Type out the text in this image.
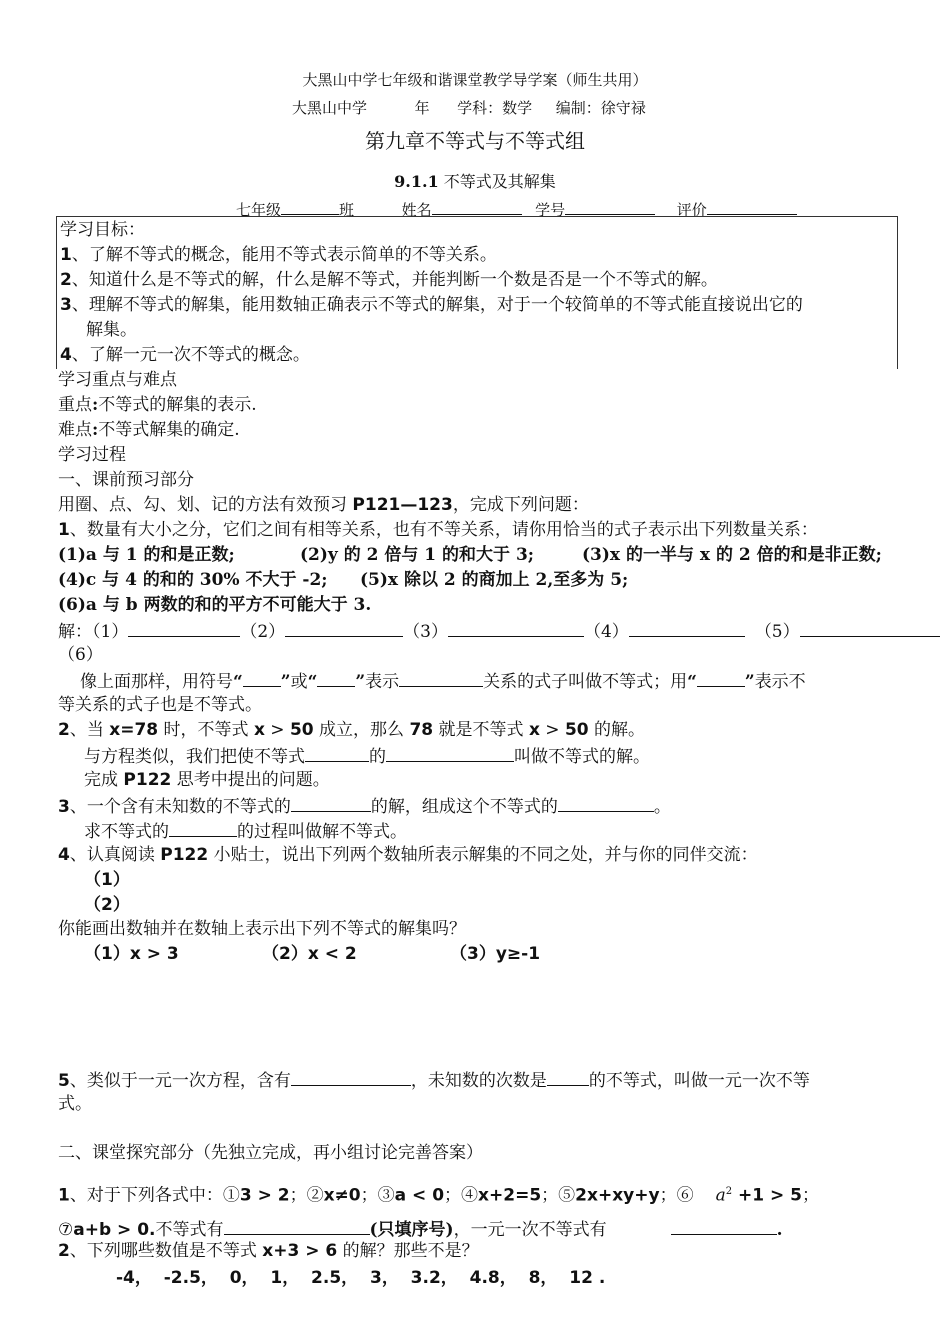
大黑山中学七年级和谐课堂教学导学案（师生共用）
大黑山中学	年 学科：数学 编制：徐守禄
第九章不等式与不等式组
9.1.1 不等式及其解集
七年级	班	姓名	学号	评价
学习目标：
1、了解不等式的概念，能用不等式表示简单的不等关系。
2、知道什么是不等式的解，什么是解不等式，并能判断一个数是否是一个不等式的解。
3、理解不等式的解集，能用数轴正确表示不等式的解集，对于一个较简单的不等式能直接说出它的
解集。
4、了解一元一次不等式的概念。
学习重点与难点
重点:不等式的解集的表示.
难点:不等式解集的确定.
学习过程
一、课前预习部分
用圈、点、勾、划、记的方法有效预习 P121—123，完成下列问题：
1、数量有大小之分，它们之间有相等关系，也有不等关系，请你用恰当的式子表示出下列数量关系：
(1)a 与 1 的和是正数;	(2)y 的 2 倍与 1 的和大于 3;	(3)x 的一半与 x 的 2 倍的和是非正数;
(4)c 与 4 的和的 30% 不大于 -2; (5)x 除以 2 的商加上 2,至多为 5;
(6)a 与 b 两数的和的平方不可能大于 3.
解：（1）	（2）	（3）	（4）	（5）
（6）
像上面那样，用符号“ ”或“ ”表示	关系的式子叫做不等式；用“	”表示不
等关系的式子也是不等式。
2、当 x=78 时，不等式 x > 50 成立，那么 78 就是不等式 x > 50 的解。
与方程类似，我们把使不等式	的	叫做不等式的解。
完成 P122 思考中提出的问题。
3、一个含有未知数的不等式的	的解，组成这个不等式的	。
求不等式的	的过程叫做解不等式。
4、认真阅读 P122 小贴士，说出下列两个数轴所表示解集的不同之处，并与你的同伴交流：
（1）
（2）
你能画出数轴并在数轴上表示出下列不等式的解集吗？
（1）x > 3	（2）x < 2	（3）y≥-1
5、类似于一元一次方程，含有	，未知数的次数是 的不等式，叫做一元一次不等
式。
二、课堂探究部分（先独立完成，再小组讨论完善答案）
1、对于下列各式中：①3 > 2；②x≠0；③a < 0；④x+2=5；⑤2x+xy+y；⑥ $a^2 +1 > 5$；
⑦a+b > 0.不等式有	(只填序号)，一元一次不等式有	.
2、下列哪些数值是不等式 x+3 > 6 的解？那些不是？
-4，  -2.5，  0，  1，  2.5，  3，  3.2，  4.8，  8，  12 .
